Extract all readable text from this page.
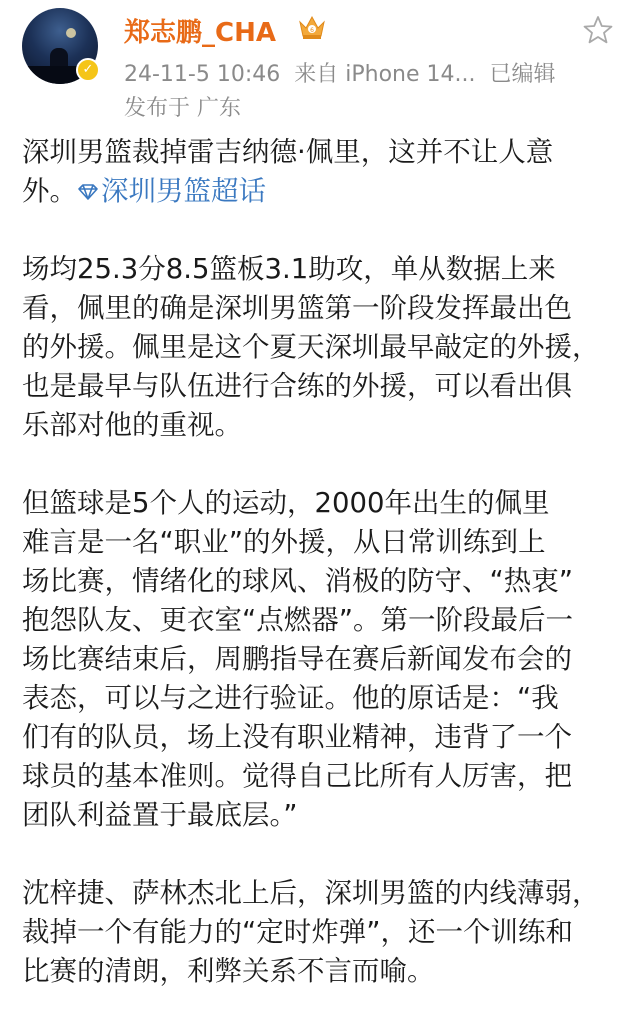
✓
郑志鹏_CHA	6
24-11-5 10:46 来自 iPhone 14... 已编辑
发布于 广东
深圳男篮裁掉雷吉纳德·佩里，这并不让人意
外。 深圳男篮超话
场均25.3分8.5篮板3.1助攻，单从数据上来
看，佩里的确是深圳男篮第一阶段发挥最出色
的外援。佩里是这个夏天深圳最早敲定的外援，
也是最早与队伍进行合练的外援，可以看出俱
乐部对他的重视。
但篮球是5个人的运动，2000年出生的佩里
难言是一名“职业”的外援，从日常训练到上
场比赛，情绪化的球风、消极的防守、“热衷”
抱怨队友、更衣室“点燃器”。第一阶段最后一
场比赛结束后，周鹏指导在赛后新闻发布会的
表态，可以与之进行验证。他的原话是：“我
们有的队员，场上没有职业精神，违背了一个
球员的基本准则。觉得自己比所有人厉害，把
团队利益置于最底层。”
沈梓捷、萨林杰北上后，深圳男篮的内线薄弱，
裁掉一个有能力的“定时炸弹”，还一个训练和
比赛的清朗，利弊关系不言而喻。
